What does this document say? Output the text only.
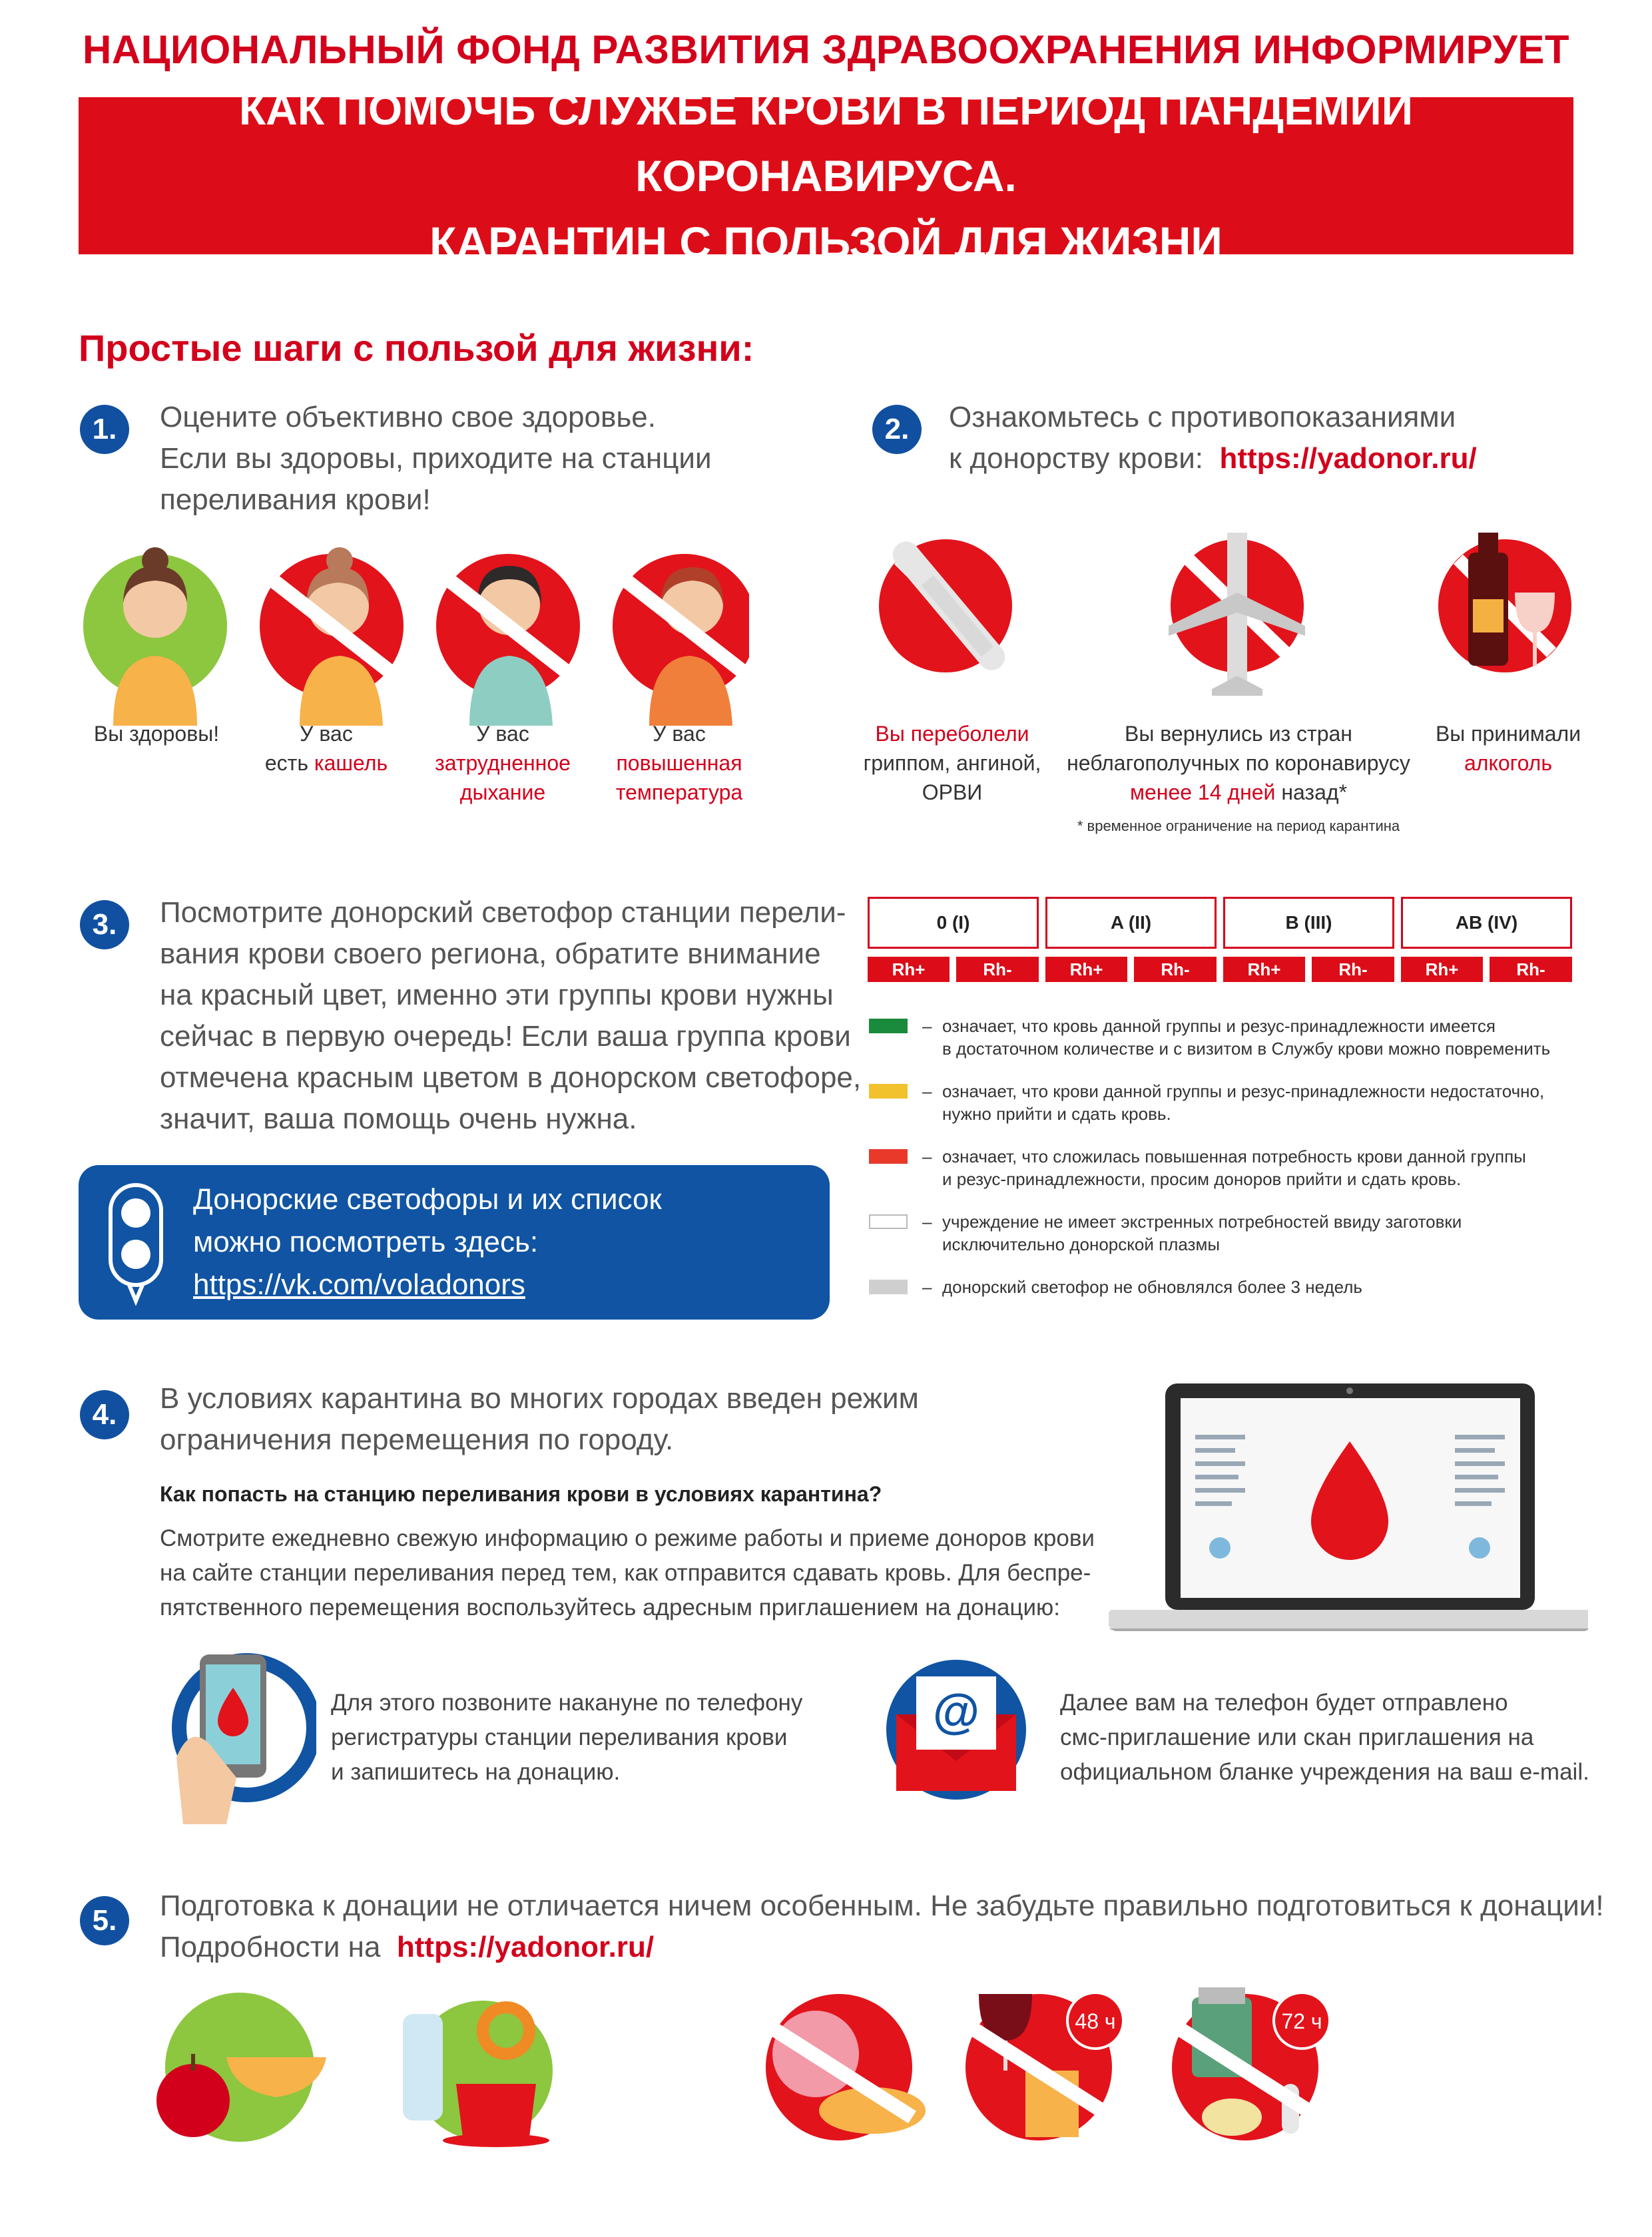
НАЦИОНАЛЬНЫЙ ФОНД РАЗВИТИЯ ЗДРАВООХРАНЕНИЯ ИНФОРМИРУЕТ
КАК ПОМОЧЬ СЛУЖБЕ КРОВИ В ПЕРИОД ПАНДЕМИИ КОРОНАВИРУСА.
КАРАНТИН С ПОЛЬЗОЙ ДЛЯ ЖИЗНИ
Простые шаги с пользой для жизни:
1.	Оцените объективно свое здоровье.
Если вы здоровы, приходите на станции
переливания крови!
Вы здоровы!	У вас
есть кашель
У вас
затрудненное
дыхание
У вас
повышенная
температура
2.	Ознакомьтесь с противопоказаниями
к донорству крови: https://yadonor.ru/
Вы переболели
гриппом, ангиной,
ОРВИ
Вы вернулись из стран
неблагополучных по коронавирусу
менее 14 дней назад*
* временное ограничение на период карантина
Вы принимали
алкоголь
3.	Посмотрите донорский светофор станции перели-
вания крови своего региона, обратите внимание
на красный цвет, именно эти группы крови нужны
сейчас в первую очередь! Если ваша группа крови
отмечена красным цветом в донорском светофоре,
значит, ваша помощь очень нужна.
Донорские светофоры и их список
можно посмотреть здесь:
https://vk.com/voladonors
0 (I)	A (II)	B (III)	AB (IV)
Rh+	Rh-	Rh+	Rh-	Rh+	Rh-	Rh+	Rh-
– означает, что кровь данной группы и резус-принадлежности имеется
в достаточном количестве и с визитом в Службу крови можно повременить
– означает, что крови данной группы и резус-принадлежности недостаточно,
нужно прийти и сдать кровь.
– означает, что сложилась повышенная потребность крови данной группы
и резус-принадлежности, просим доноров прийти и сдать кровь.
– учреждение не имеет экстренных потребностей ввиду заготовки
исключительно донорской плазмы
– донорский светофор не обновлялся более 3 недель
4.	В условиях карантина во многих городах введен режим
ограничения перемещения по городу.
Как попасть на станцию переливания крови в условиях карантина?
Смотрите ежедневно свежую информацию о режиме работы и приеме доноров крови
на сайте станции переливания перед тем, как отправится сдавать кровь. Для беспре-
пятственного перемещения воспользуйтесь адресным приглашением на донацию:
Для этого позвоните накануне по телефону
регистратуры станции переливания крови
и запишитесь на донацию.
@	Далее вам на телефон будет отправлено
смс-приглашение или скан приглашения на
официальном бланке учреждения на ваш e-mail.
5.	Подготовка к донации не отличается ничем особенным. Не забудьте правильно подготовиться к донации!
Подробности на https://yadonor.ru/
48 ч	72 ч
